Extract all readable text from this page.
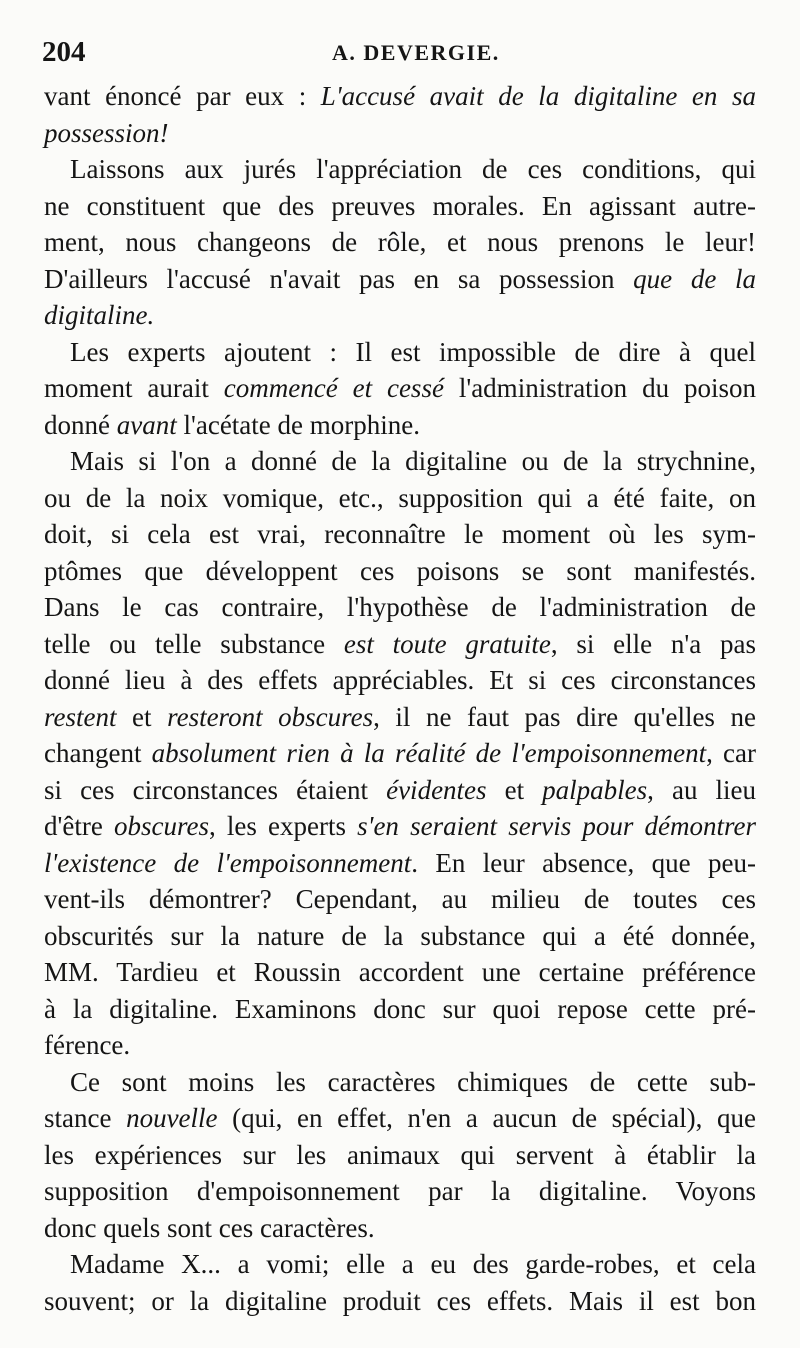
204	A. DEVERGIE.
vant énoncé par eux : L'accusé avait de la digitaline en sa
possession!
Laissons aux jurés l'appréciation de ces conditions, qui
ne constituent que des preuves morales. En agissant autre-
ment, nous changeons de rôle, et nous prenons le leur!
D'ailleurs l'accusé n'avait pas en sa possession que de la
digitaline.
Les experts ajoutent : Il est impossible de dire à quel
moment aurait commencé et cessé l'administration du poison
donné avant l'acétate de morphine.
Mais si l'on a donné de la digitaline ou de la strychnine,
ou de la noix vomique, etc., supposition qui a été faite, on
doit, si cela est vrai, reconnaître le moment où les sym-
ptômes que développent ces poisons se sont manifestés.
Dans le cas contraire, l'hypothèse de l'administration de
telle ou telle substance est toute gratuite, si elle n'a pas
donné lieu à des effets appréciables. Et si ces circonstances
restent et resteront obscures, il ne faut pas dire qu'elles ne
changent absolument rien à la réalité de l'empoisonnement, car
si ces circonstances étaient évidentes et palpables, au lieu
d'être obscures, les experts s'en seraient servis pour démontrer
l'existence de l'empoisonnement. En leur absence, que peu-
vent-ils démontrer? Cependant, au milieu de toutes ces
obscurités sur la nature de la substance qui a été donnée,
MM. Tardieu et Roussin accordent une certaine préférence
à la digitaline. Examinons donc sur quoi repose cette pré-
férence.
Ce sont moins les caractères chimiques de cette sub-
stance nouvelle (qui, en effet, n'en a aucun de spécial), que
les expériences sur les animaux qui servent à établir la
supposition d'empoisonnement par la digitaline. Voyons
donc quels sont ces caractères.
Madame X... a vomi; elle a eu des garde-robes, et cela
souvent; or la digitaline produit ces effets. Mais il est bon
